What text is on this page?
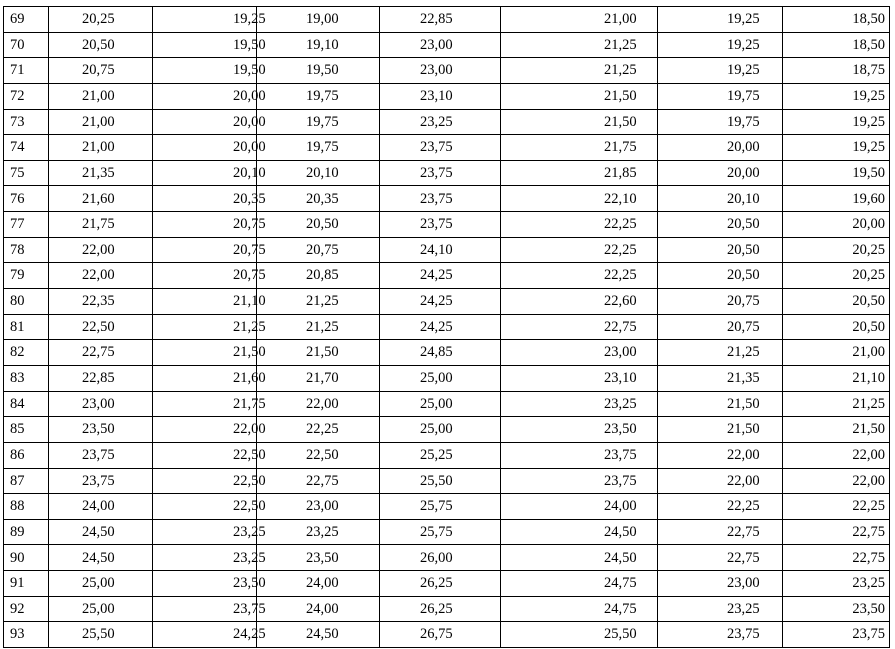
69	20,25	19,25	19,00	22,85	21,00	19,25	18,50
70	20,50	19,50	19,10	23,00	21,25	19,25	18,50
71	20,75	19,50	19,50	23,00	21,25	19,25	18,75
72	21,00	20,00	19,75	23,10	21,50	19,75	19,25
73	21,00	20,00	19,75	23,25	21,50	19,75	19,25
74	21,00	20,00	19,75	23,75	21,75	20,00	19,25
75	21,35	20,10	20,10	23,75	21,85	20,00	19,50
76	21,60	20,35	20,35	23,75	22,10	20,10	19,60
77	21,75	20,75	20,50	23,75	22,25	20,50	20,00
78	22,00	20,75	20,75	24,10	22,25	20,50	20,25
79	22,00	20,75	20,85	24,25	22,25	20,50	20,25
80	22,35	21,10	21,25	24,25	22,60	20,75	20,50
81	22,50	21,25	21,25	24,25	22,75	20,75	20,50
82	22,75	21,50	21,50	24,85	23,00	21,25	21,00
83	22,85	21,60	21,70	25,00	23,10	21,35	21,10
84	23,00	21,75	22,00	25,00	23,25	21,50	21,25
85	23,50	22,00	22,25	25,00	23,50	21,50	21,50
86	23,75	22,50	22,50	25,25	23,75	22,00	22,00
87	23,75	22,50	22,75	25,50	23,75	22,00	22,00
88	24,00	22,50	23,00	25,75	24,00	22,25	22,25
89	24,50	23,25	23,25	25,75	24,50	22,75	22,75
90	24,50	23,25	23,50	26,00	24,50	22,75	22,75
91	25,00	23,50	24,00	26,25	24,75	23,00	23,25
92	25,00	23,75	24,00	26,25	24,75	23,25	23,50
93	25,50	24,25	24,50	26,75	25,50	23,75	23,75
